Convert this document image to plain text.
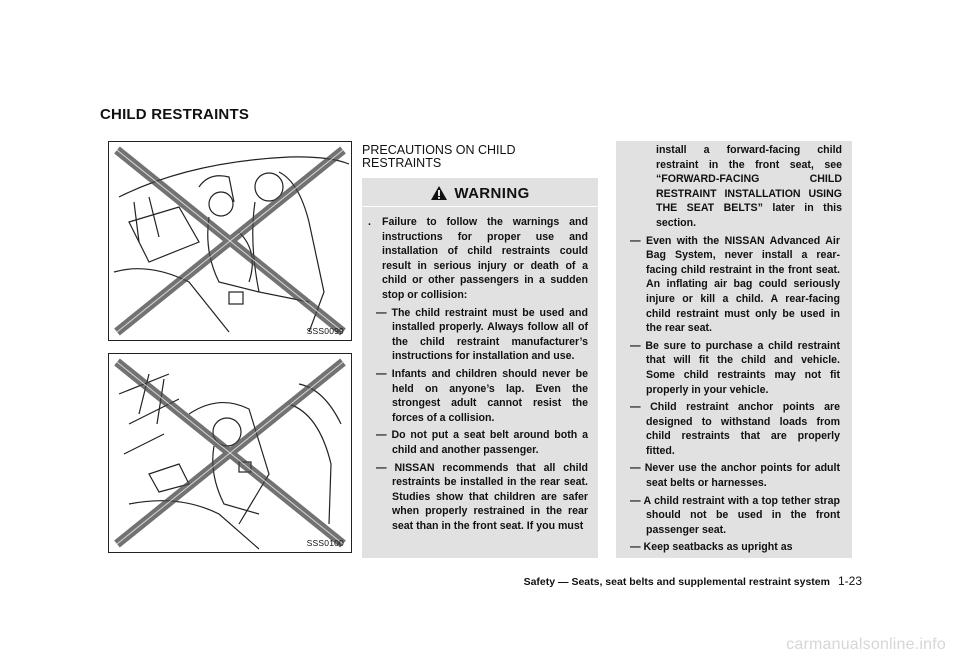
CHILD RESTRAINTS
SSS0099
SSS0100
PRECAUTIONS ON CHILD RESTRAINTS
WARNING
.	Failure to follow the warnings and instructions for proper use and installation of child restraints could result in serious injury or death of a child or other passengers in a sudden stop or collision:
— The child restraint must be used and installed properly. Always follow all of the child restraint manufacturer’s instructions for installation and use.
— Infants and children should never be held on anyone’s lap. Even the strongest adult cannot resist the forces of a collision.
— Do not put a seat belt around both a child and another passenger.
— NISSAN recommends that all child restraints be installed in the rear seat. Studies show that children are safer when properly restrained in the rear seat than in the front seat. If you must
install a forward-facing child restraint in the front seat, see “FORWARD-FACING CHILD RESTRAINT INSTALLATION USING THE SEAT BELTS” later in this section.
— Even with the NISSAN Advanced Air Bag System, never install a rear-facing child restraint in the front seat. An inflating air bag could seriously injure or kill a child. A rear-facing child restraint must only be used in the rear seat.
— Be sure to purchase a child restraint that will fit the child and vehicle. Some child restraints may not fit properly in your vehicle.
— Child restraint anchor points are designed to withstand loads from child restraints that are properly fitted.
— Never use the anchor points for adult seat belts or harnesses.
— A child restraint with a top tether strap should not be used in the front passenger seat.
— Keep seatbacks as upright as
Safety — Seats, seat belts and supplemental restraint system 1-23
carmanualsonline.info
